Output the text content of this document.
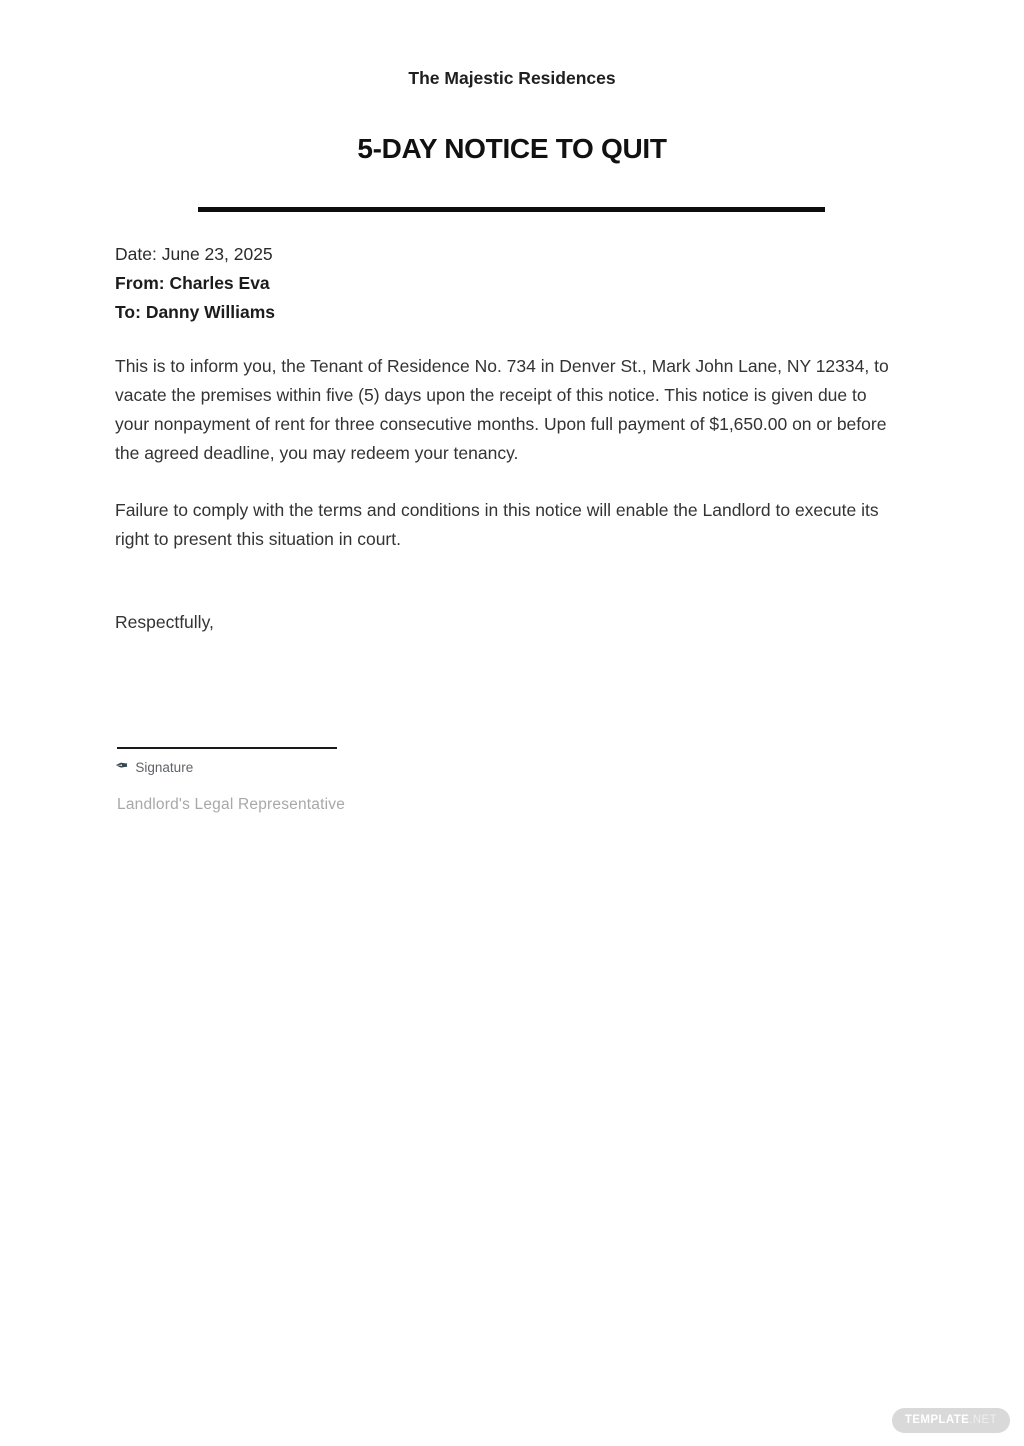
The Majestic Residences
5-DAY NOTICE TO QUIT
Date: June 23, 2025
From: Charles Eva
To: Danny Williams
This is to inform you, the Tenant of Residence No. 734 in Denver St., Mark John Lane, NY 12334, to vacate the premises within five (5) days upon the receipt of this notice. This notice is given due to your nonpayment of rent for three consecutive months. Upon full payment of $1,650.00 on or before the agreed deadline, you may redeem your tenancy.
Failure to comply with the terms and conditions in this notice will enable the Landlord to execute its right to present this situation in court.
Respectfully,
✒ Signature
Landlord's Legal Representative
TEMPLATE.NET
